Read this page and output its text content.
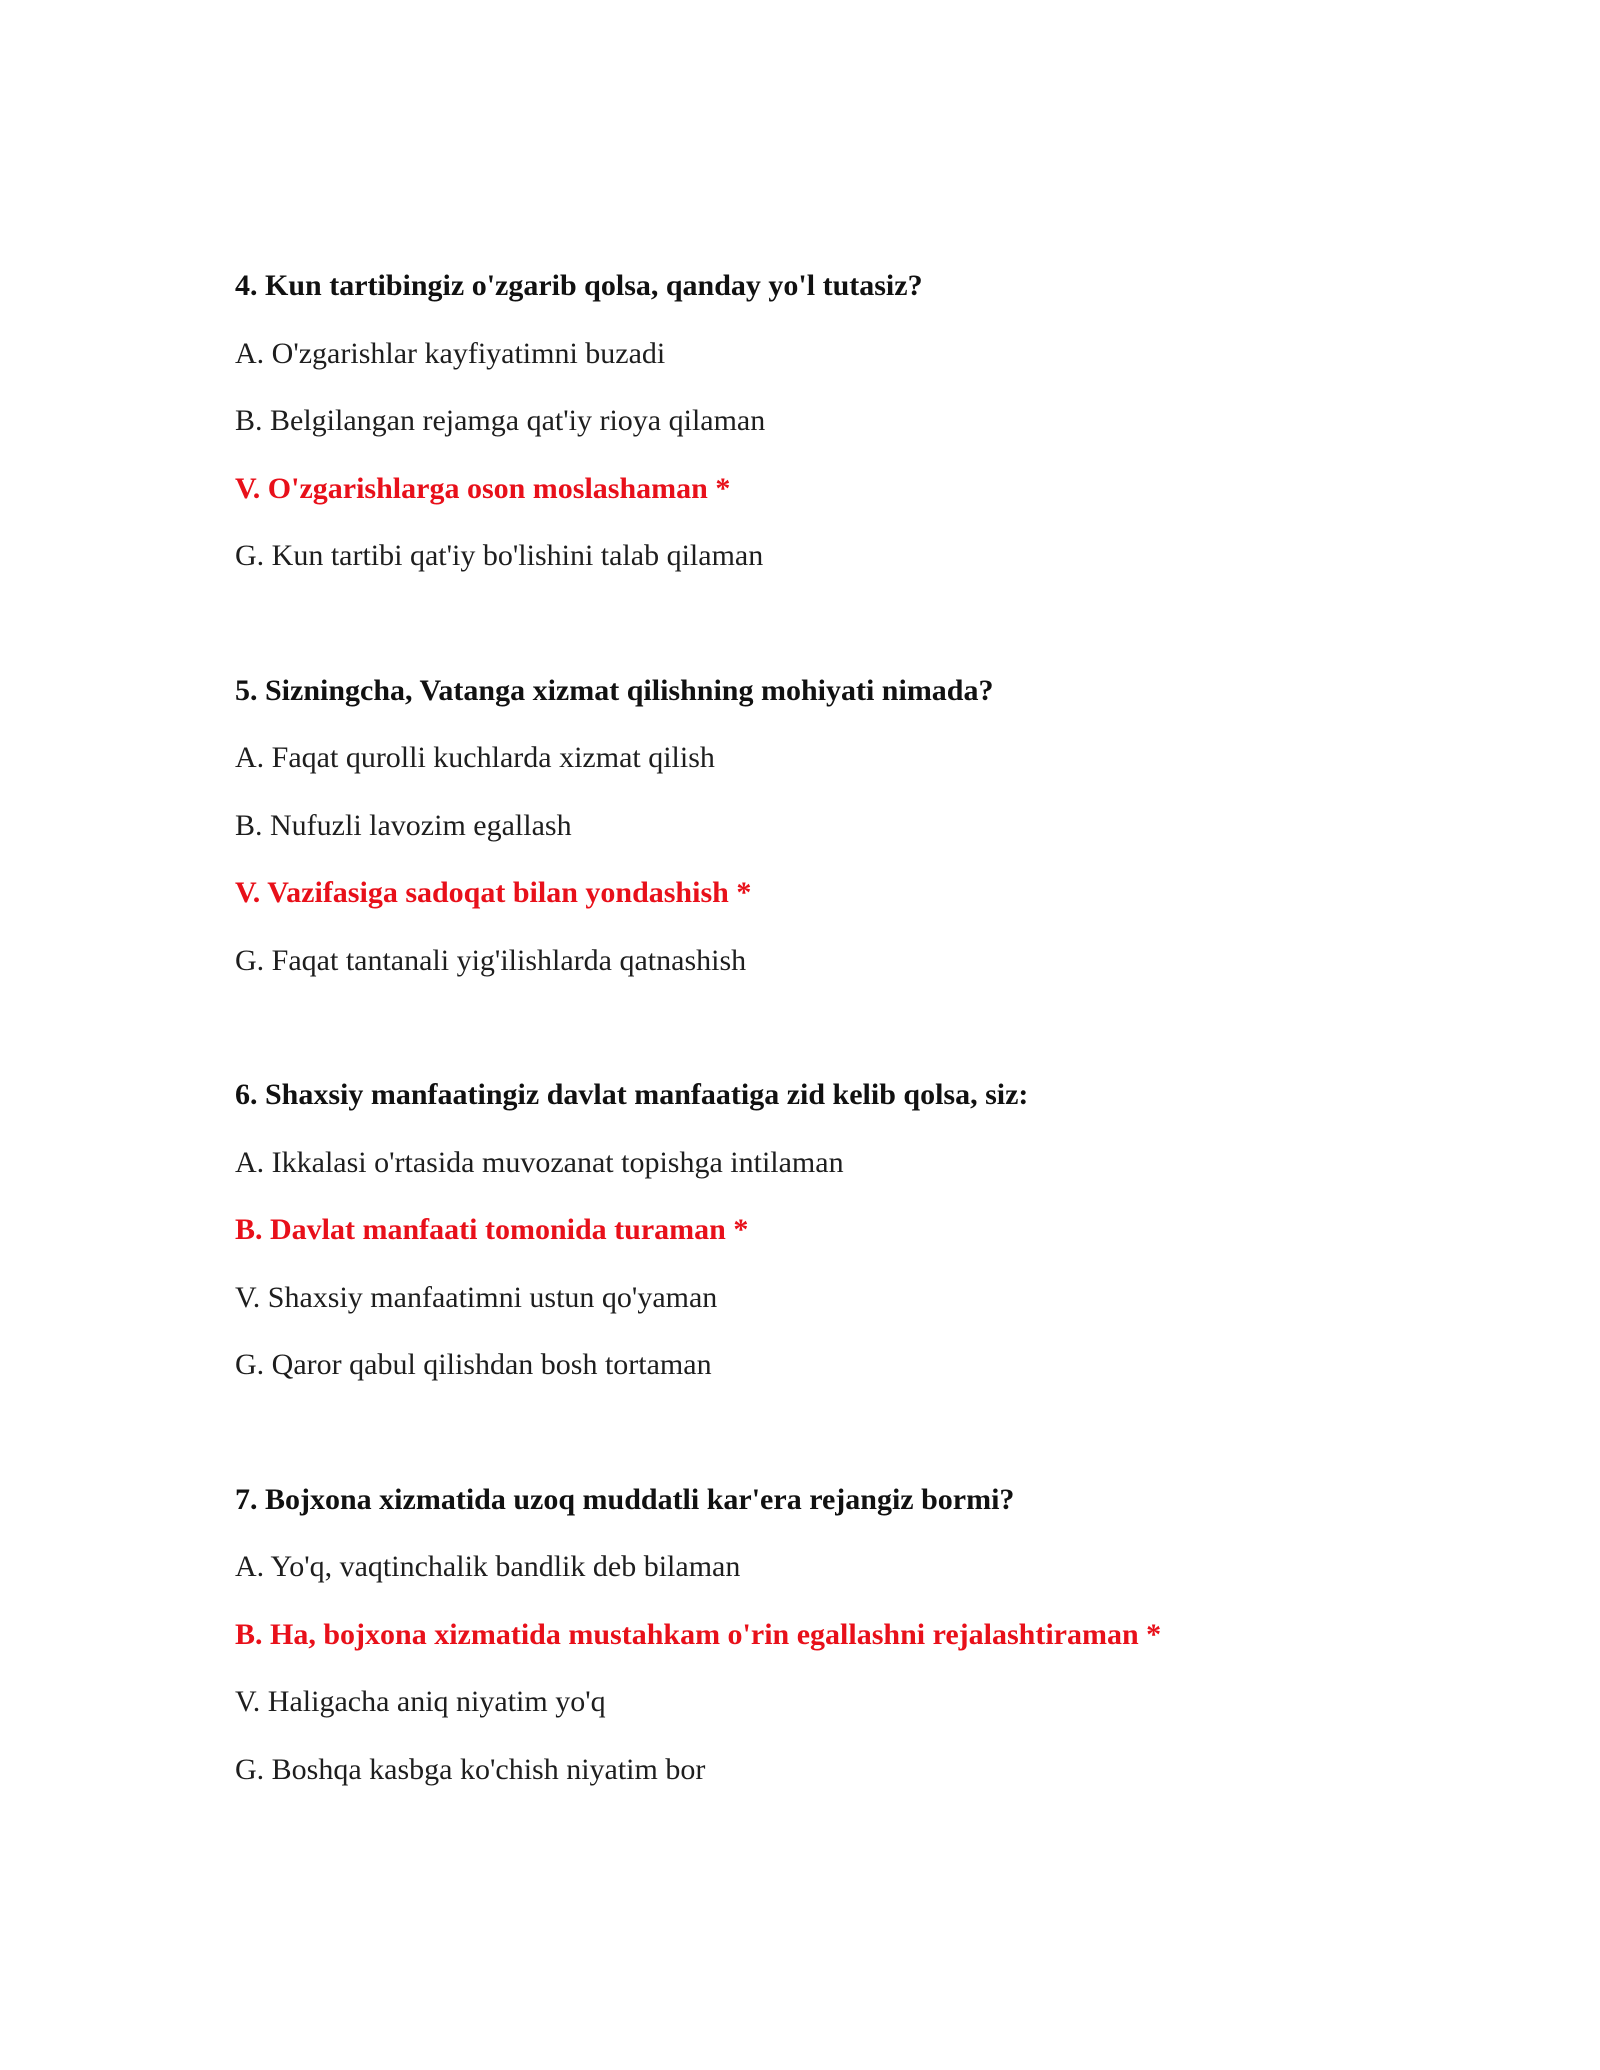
4. Kun tartibingiz o'zgarib qolsa, qanday yo'l tutasiz?
A. O'zgarishlar kayfiyatimni buzadi
B. Belgilangan rejamga qat'iy rioya qilaman
V. O'zgarishlarga oson moslashaman *
G. Kun tartibi qat'iy bo'lishini talab qilaman
5. Sizningcha, Vatanga xizmat qilishning mohiyati nimada?
A. Faqat qurolli kuchlarda xizmat qilish
B. Nufuzli lavozim egallash
V. Vazifasiga sadoqat bilan yondashish *
G. Faqat tantanali yig'ilishlarda qatnashish
6. Shaxsiy manfaatingiz davlat manfaatiga zid kelib qolsa, siz:
A. Ikkalasi o'rtasida muvozanat topishga intilaman
B. Davlat manfaati tomonida turaman *
V. Shaxsiy manfaatimni ustun qo'yaman
G. Qaror qabul qilishdan bosh tortaman
7. Bojxona xizmatida uzoq muddatli kar'era rejangiz bormi?
A. Yo'q, vaqtinchalik bandlik deb bilaman
B. Ha, bojxona xizmatida mustahkam o'rin egallashni rejalashtiraman *
V. Haligacha aniq niyatim yo'q
G. Boshqa kasbga ko'chish niyatim bor
